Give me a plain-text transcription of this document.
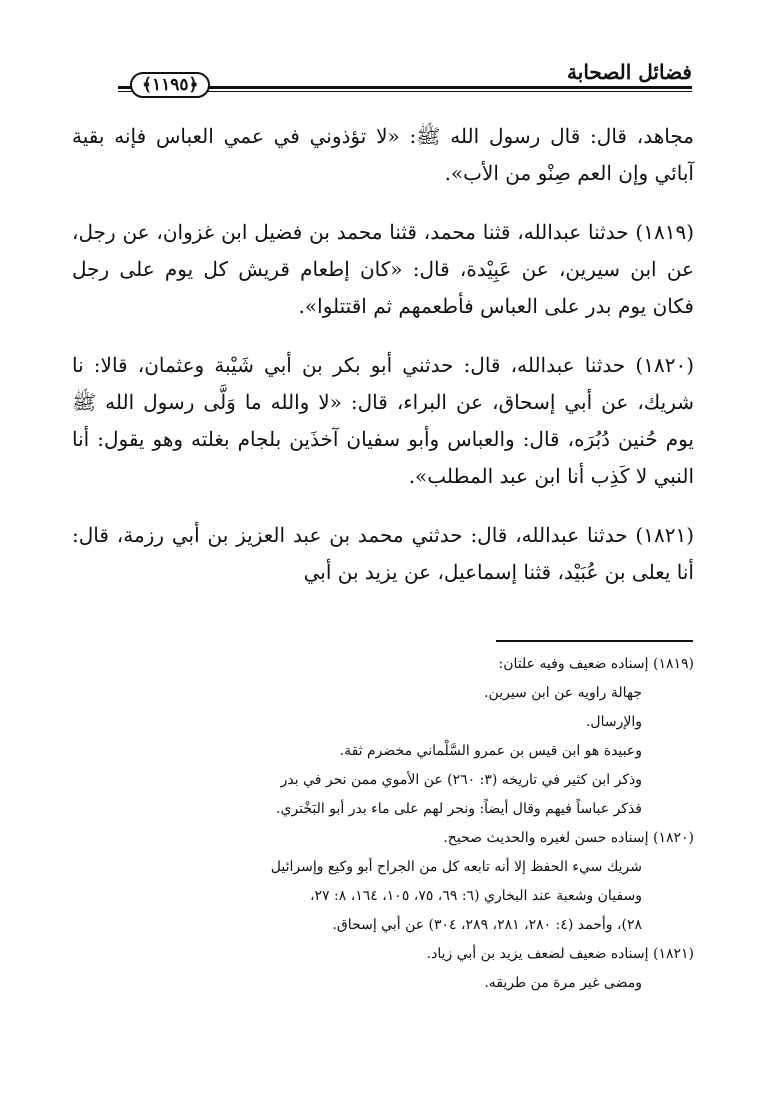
فضائل الصحابة
﴿١١٩٥﴾

مجاهد، قال: قال رسول الله ﷺ: «لا تؤذوني في عمي العباس فإنه بقية آبائي وإن العم صِنْو من الأب».

(١٨١٩) حدثنا عبدالله، قثنا محمد، قثنا محمد بن فضيل ابن غزوان، عن رجل، عن ابن سيرين، عن عَبِيْدة، قال: «كان إطعام قريش كل يوم على رجل فكان يوم بدر على العباس فأطعمهم ثم اقتتلوا».

(١٨٢٠) حدثنا عبدالله، قال: حدثني أبو بكر بن أبي شَيْبة وعثمان، قالا: نا شريك، عن أبي إسحاق، عن البراء، قال: «لا والله ما وَلَّى رسول الله ﷺ يوم حُنين دُبُرَه، قال: والعباس وأبو سفيان آخذَين بلجام بغلته وهو يقول: أنا النبي لا كَذِب أنا ابن عبد المطلب».

(١٨٢١) حدثنا عبدالله، قال: حدثني محمد بن عبد العزيز بن أبي رزمة، قال: أنا يعلى بن عُبَيْد، قثنا إسماعيل، عن يزيد بن أبي

(١٨١٩) إسناده ضعيف وفيه علتان:
جهالة راويه عن ابن سيرين.
والإرسال.
وعبيدة هو ابن قيس بن عمرو السَّلْماني مخضرم ثقة.
وذكر ابن كثير في تاريخه (٣: ٢٦٠) عن الأموي ممن نحر في بدر
فذكر عباساً فيهم وقال أيضاً: ونحر لهم على ماء بدر أبو البَخْتري.
(١٨٢٠) إسناده حسن لغيره والحديث صحيح.
شريك سيء الحفظ إلا أنه تابعه كل من الجراح أبو وكيع وإسرائيل
وسفيان وشعبة عند البخاري (٦: ٦٩، ٧٥، ١٠٥، ١٦٤، ٨: ٢٧،
٢٨)، وأحمد (٤: ٢٨٠، ٢٨١، ٢٨٩، ٣٠٤) عن أبي إسحاق.
(١٨٢١) إسناده ضعيف لضعف يزيد بن أبي زياد.
ومضى غير مرة من طريقه.
